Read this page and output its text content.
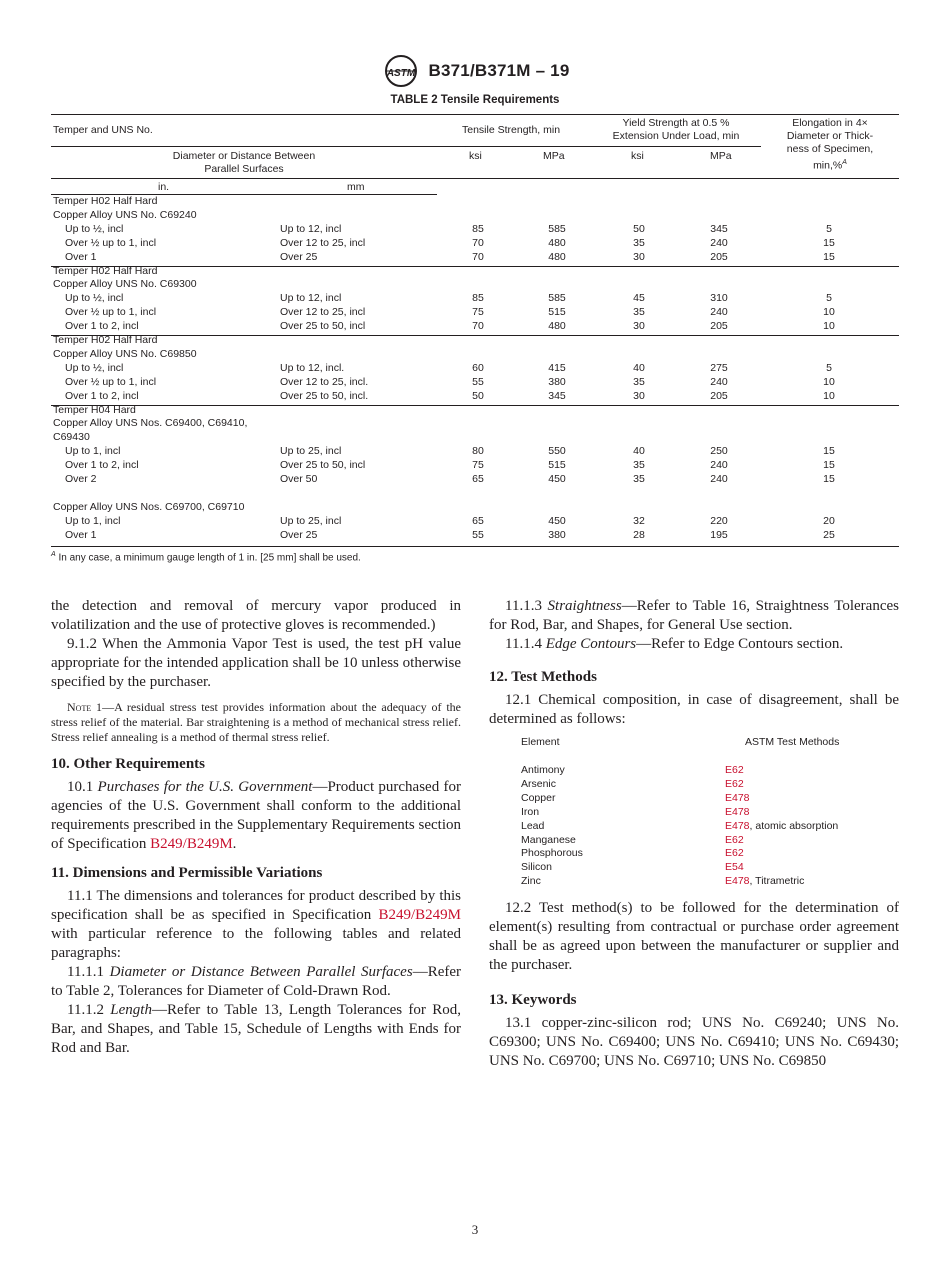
ASTM B371/B371M – 19
TABLE 2 Tensile Requirements
Temper and UNS No.	Tensile Strength, min
Yield Strength at 0.5 %
Extension Under Load, min
Elongation in 4×
Diameter or Thick-
ness of Specimen,
min,%$^A$
Diameter or Distance Between
Parallel Surfaces
ksi	MPa	ksi	MPa
in.	mm
Temper H02 Half Hard
Copper Alloy UNS No. C69240
Up to ½, incl	Up to 12, incl	85	585	50	345	5
Over ½ up to 1, incl	Over 12 to 25, incl	70	480	35	240	15
Over 1	Over 25	70	480	30	205	15
Temper H02 Half Hard
Copper Alloy UNS No. C69300
Up to ½, incl	Up to 12, incl	85	585	45	310	5
Over ½ up to 1, incl	Over 12 to 25, incl	75	515	35	240	10
Over 1 to 2, incl	Over 25 to 50, incl	70	480	30	205	10
Temper H02 Half Hard
Copper Alloy UNS No. C69850
Up to ½, incl	Up to 12, incl.	60	415	40	275	5
Over ½ up to 1, incl	Over 12 to 25, incl.	55	380	35	240	10
Over 1 to 2, incl	Over 25 to 50, incl.	50	345	30	205	10
Temper H04 Hard
Copper Alloy UNS Nos. C69400, C69410,
C69430
Up to 1, incl	Up to 25, incl	80	550	40	250	15
Over 1 to 2, incl	Over 25 to 50, incl	75	515	35	240	15
Over 2	Over 50	65	450	35	240	15
Copper Alloy UNS Nos. C69700, C69710
Up to 1, incl	Up to 25, incl	65	450	32	220	20
Over 1	Over 25	55	380	28	195	25
$^A$ In any case, a minimum gauge length of 1 in. [25 mm] shall be used.

the detection and removal of mercury vapor produced in volatilization and the use of protective gloves is recommended.)

9.1.2 When the Ammonia Vapor Test is used, the test pH value appropriate for the intended application shall be 10 unless otherwise specified by the purchaser.

Note 1—A residual stress test provides information about the adequacy of the stress relief of the material. Bar straightening is a method of mechanical stress relief. Stress relief annealing is a method of thermal stress relief.

10. Other Requirements

10.1 Purchases for the U.S. Government—Product purchased for agencies of the U.S. Government shall conform to the additional requirements prescribed in the Supplementary Requirements section of Specification B249/B249M.

11. Dimensions and Permissible Variations

11.1 The dimensions and tolerances for product described by this specification shall be as specified in Specification B249/B249M with particular reference to the following tables and related paragraphs:

11.1.1 Diameter or Distance Between Parallel Surfaces—Refer to Table 2, Tolerances for Diameter of Cold-Drawn Rod.

11.1.2 Length—Refer to Table 13, Length Tolerances for Rod, Bar, and Shapes, and Table 15, Schedule of Lengths with Ends for Rod and Bar.

11.1.3 Straightness—Refer to Table 16, Straightness Tolerances for Rod, Bar, and Shapes, for General Use section.

11.1.4 Edge Contours—Refer to Edge Contours section.

12. Test Methods

12.1 Chemical composition, in case of disagreement, shall be determined as follows:

Element	ASTM Test Methods
Antimony	E62
Arsenic	E62
Copper	E478
Iron	E478
Lead	E478, atomic absorption
Manganese	E62
Phosphorous	E62
Silicon	E54
Zinc	E478, Titrametric

12.2 Test method(s) to be followed for the determination of element(s) resulting from contractual or purchase order agreement shall be as agreed upon between the manufacturer or supplier and the purchaser.

13. Keywords

13.1 copper-zinc-silicon rod; UNS No. C69240; UNS No. C69300; UNS No. C69400; UNS No. C69410; UNS No. C69430; UNS No. C69700; UNS No. C69710; UNS No. C69850

3
